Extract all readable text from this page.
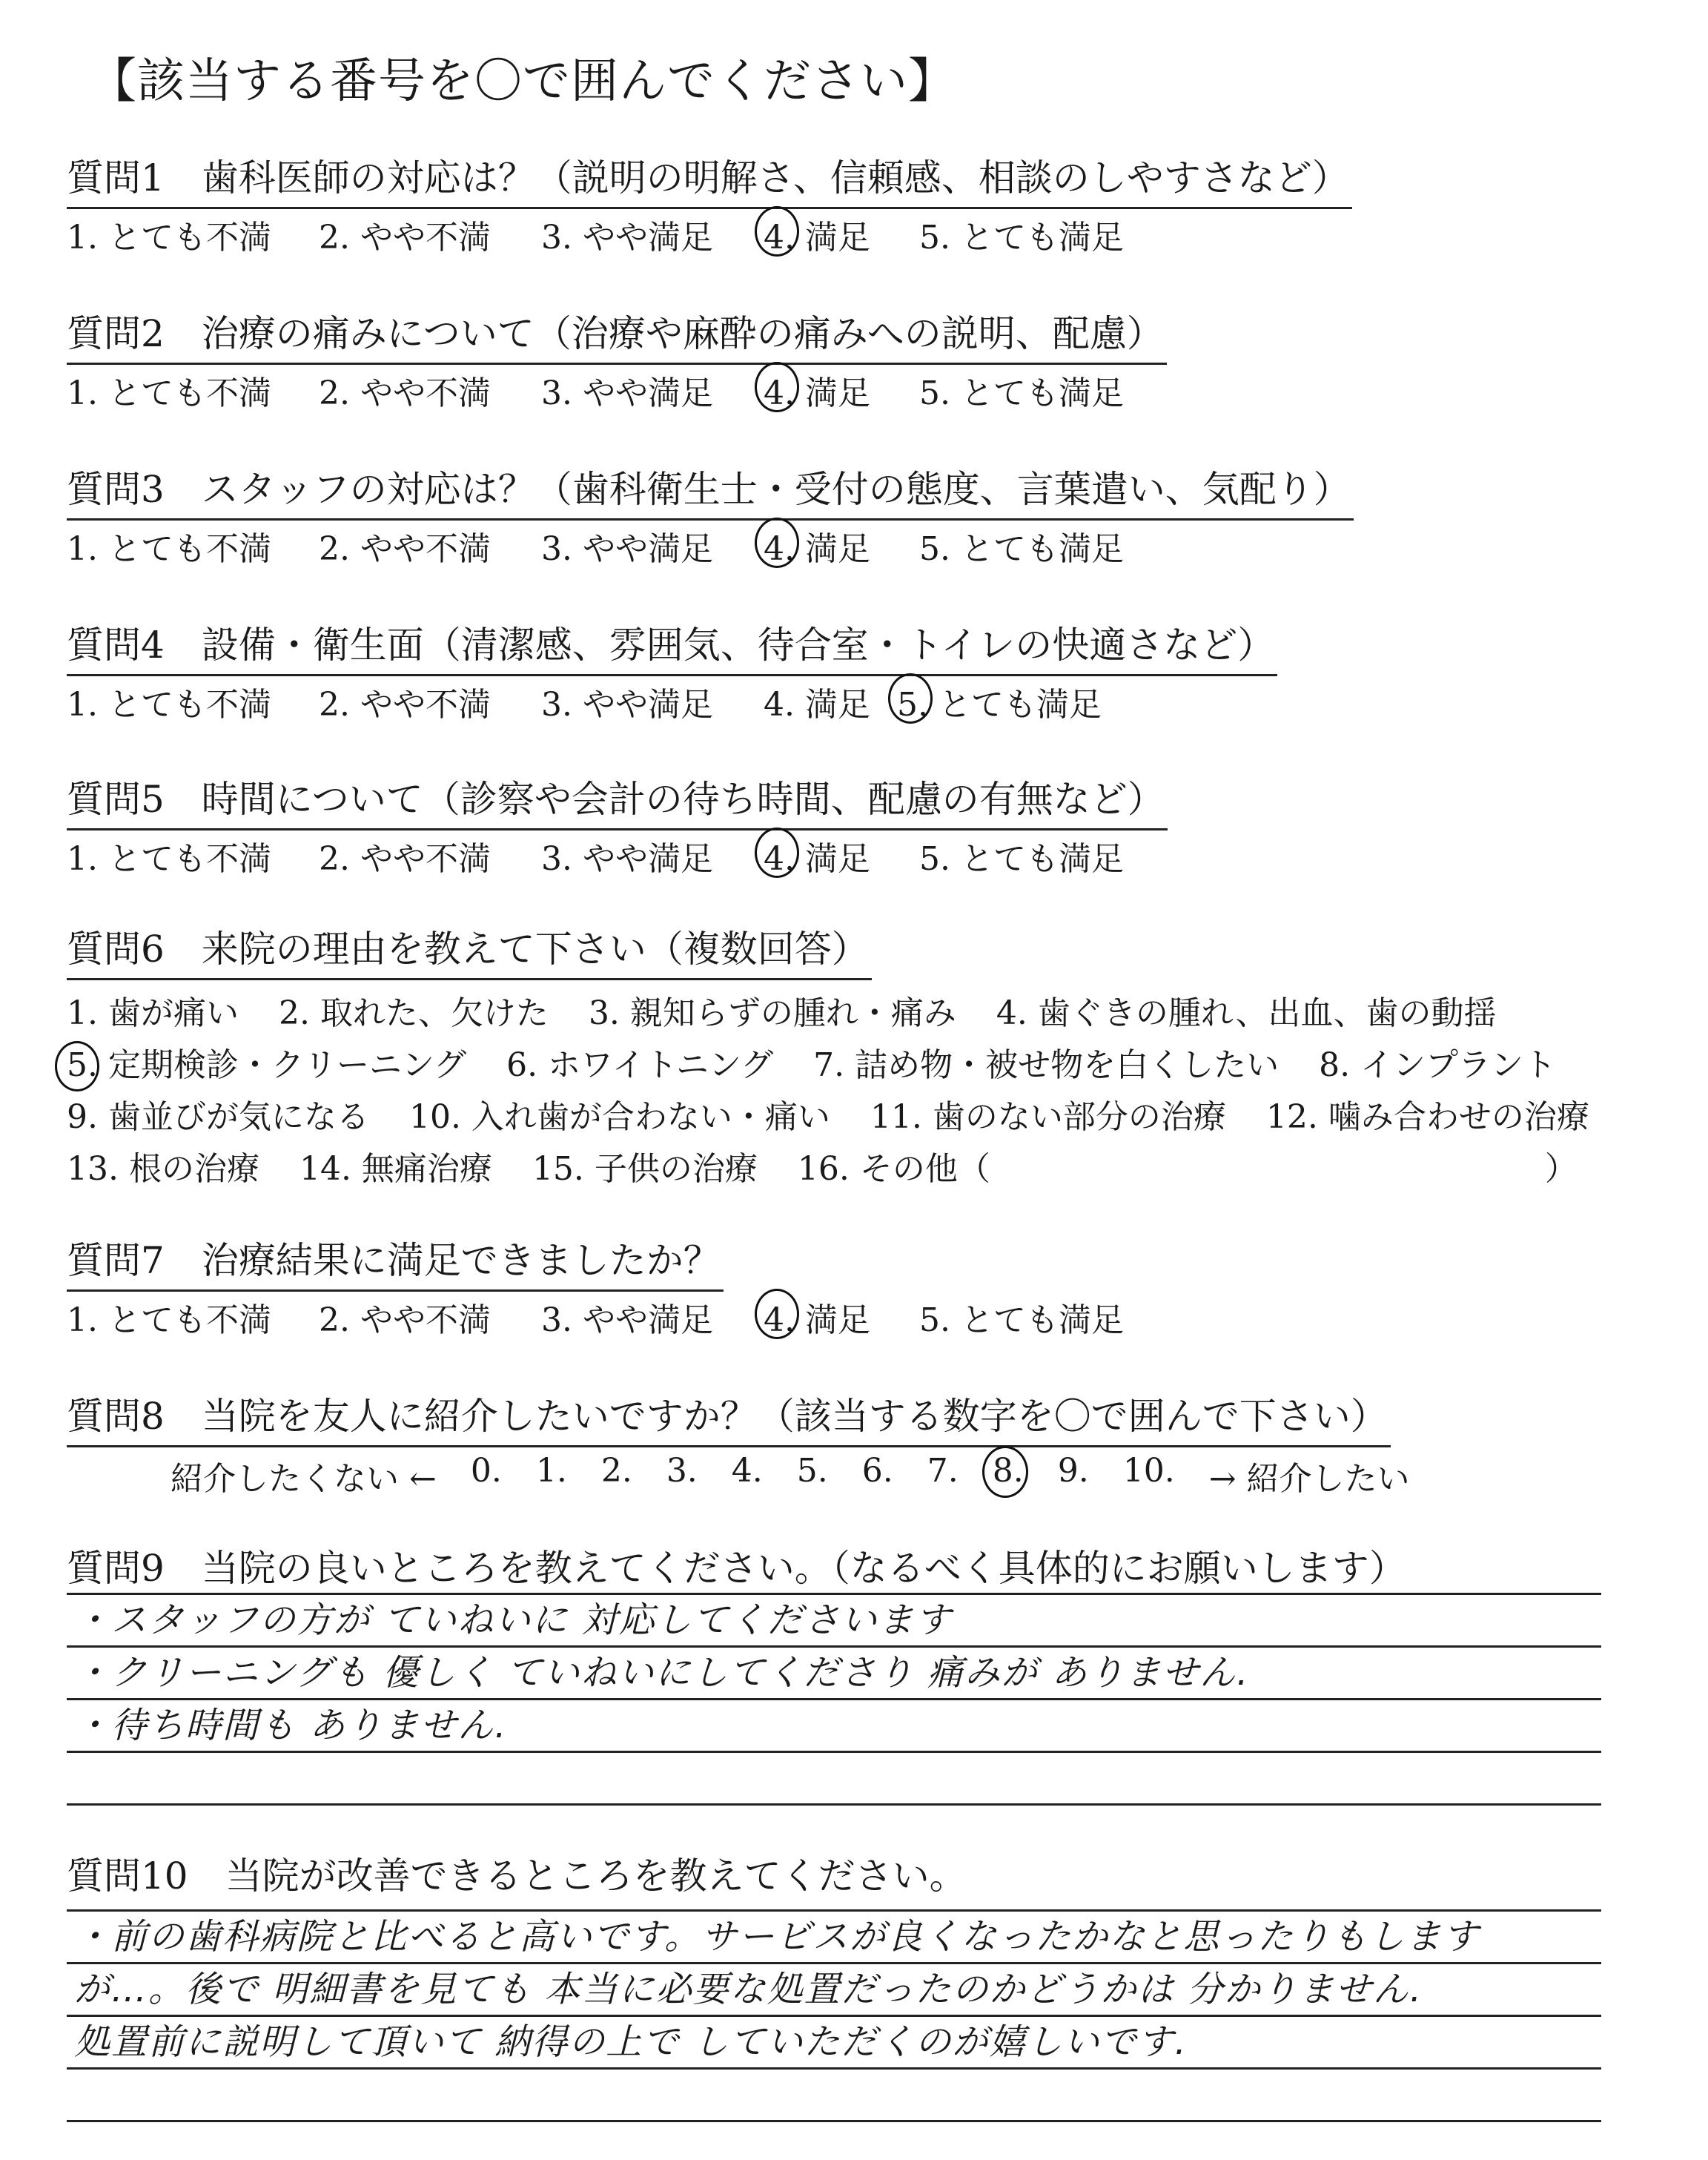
【該当する番号を〇で囲んでください】
質問1　歯科医師の対応は？（説明の明解さ、信頼感、相談のしやすさなど）
1. とても不満	2. やや不満	3. やや満足	4. 満足	5. とても満足
質問2　治療の痛みについて（治療や麻酔の痛みへの説明、配慮）
1. とても不満	2. やや不満	3. やや満足	4. 満足	5. とても満足
質問3　スタッフの対応は？（歯科衛生士・受付の態度、言葉遣い、気配り）
1. とても不満	2. やや不満	3. やや満足	4. 満足	5. とても満足
質問4　設備・衛生面（清潔感、雰囲気、待合室・トイレの快適さなど）
1. とても不満	2. やや不満	3. やや満足	4. 満足 5. とても満足
質問5　時間について（診察や会計の待ち時間、配慮の有無など）
1. とても不満	2. やや不満	3. やや満足	4. 満足	5. とても満足
質問6　来院の理由を教えて下さい（複数回答）
1. 歯が痛い 2. 取れた、欠けた 3. 親知らずの腫れ・痛み 4. 歯ぐきの腫れ、出血、歯の動揺
5. 定期検診・クリーニング 6. ホワイトニング 7. 詰め物・被せ物を白くしたい 8. インプラント
9. 歯並びが気になる 10. 入れ歯が合わない・痛い 11. 歯のない部分の治療 12. 噛み合わせの治療
13. 根の治療 14. 無痛治療 15. 子供の治療 16. その他（　　　　　　　　　　　　　　　　　）
質問7　治療結果に満足できましたか？
1. とても不満	2. やや不満	3. やや満足	4. 満足	5. とても満足
質問8　当院を友人に紹介したいですか？（該当する数字を〇で囲んで下さい）
紹介したくない ← 0. 1. 2. 3. 4. 5. 6. 7. 8. 9. 10. → 紹介したい
質問9　当院の良いところを教えてください。（なるべく具体的にお願いします）
・スタッフの方が ていねいに 対応してくださいます
・クリーニングも 優しく ていねいにしてくださり 痛みが ありません.
・待ち時間も ありません.
質問10　当院が改善できるところを教えてください。
・前の歯科病院と比べると高いです。サービスが良くなったかなと思ったりもします
が…。後で 明細書を見ても 本当に必要な処置だったのかどうかは 分かりません.
処置前に説明して頂いて 納得の上で していただくのが嬉しいです.
